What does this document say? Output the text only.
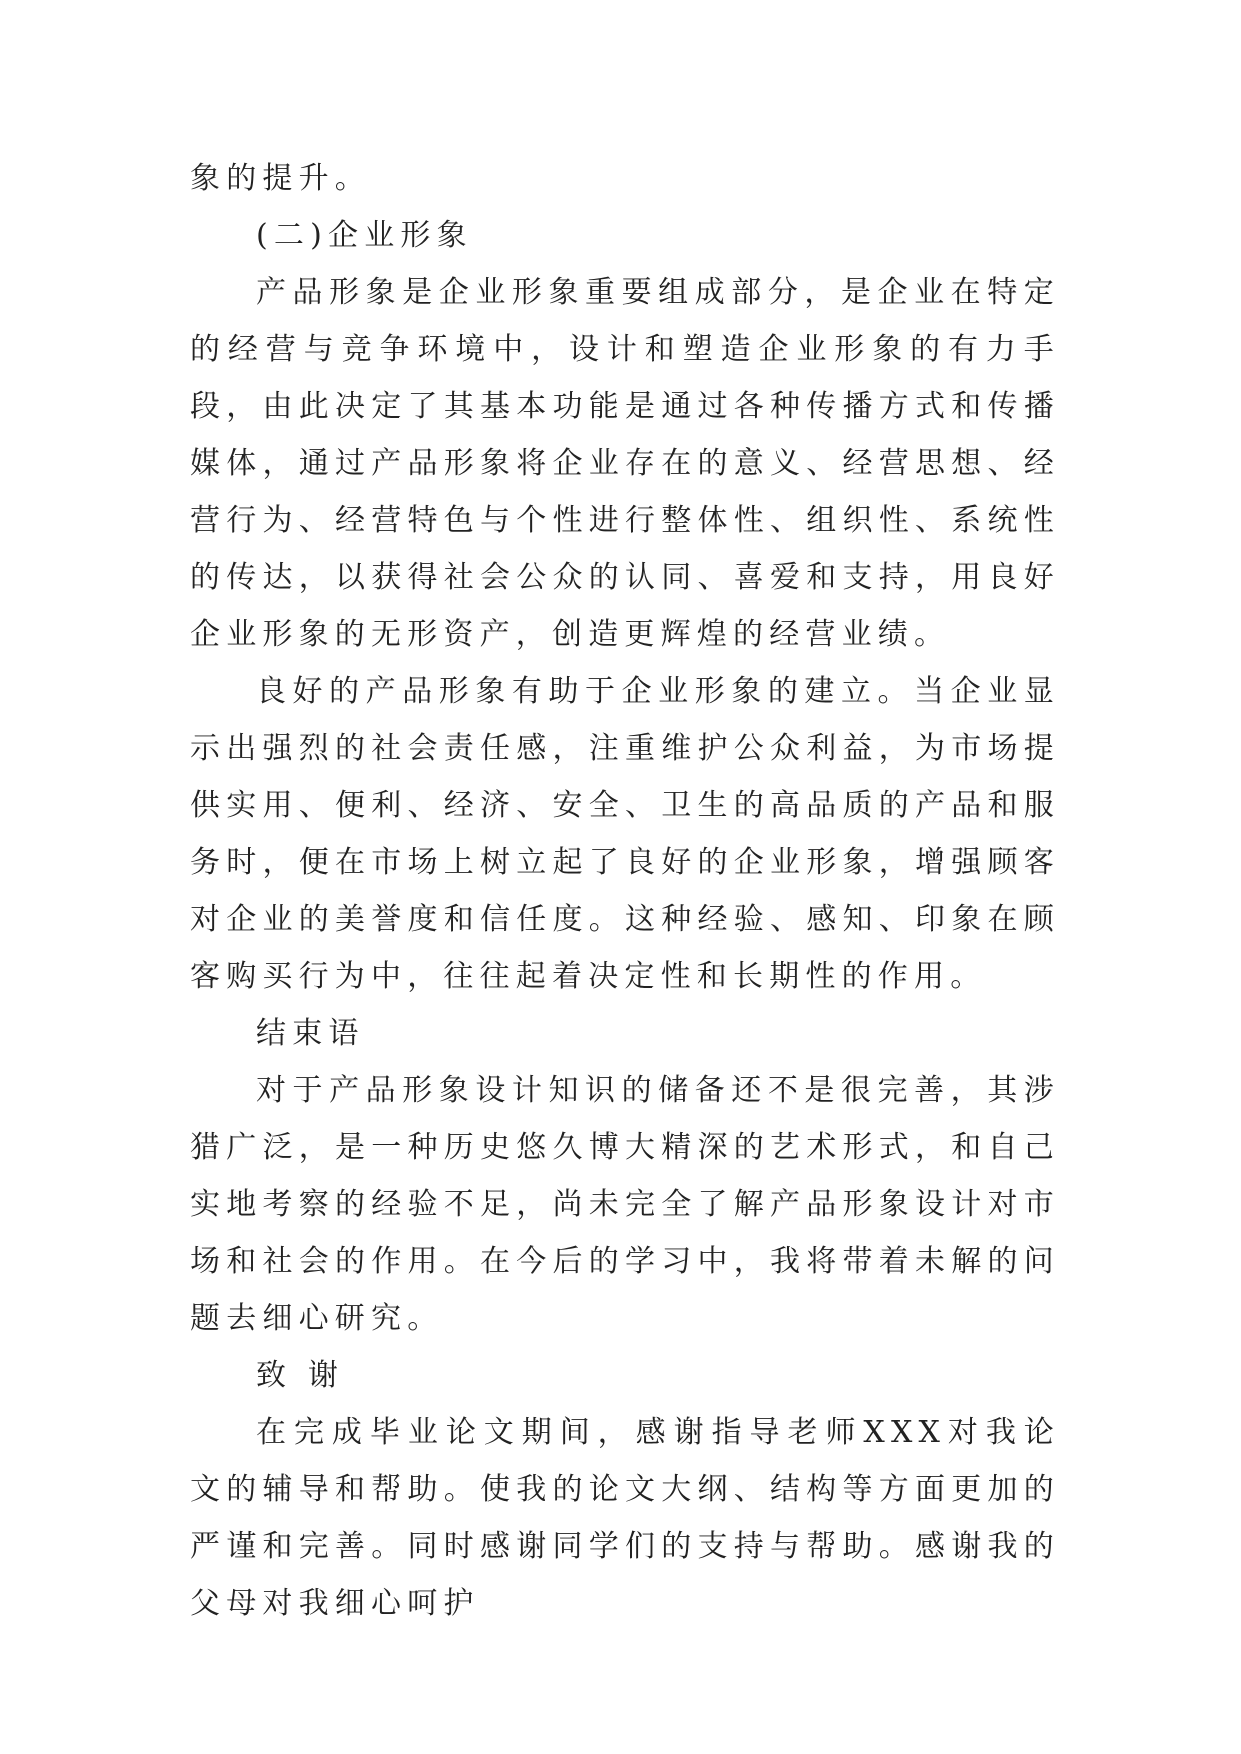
象的提升。

(二)企业形象

产品形象是企业形象重要组成部分，是企业在特定的经营与竞争环境中，设计和塑造企业形象的有力手段，由此决定了其基本功能是通过各种传播方式和传播媒体，通过产品形象将企业存在的意义、经营思想、经营行为、经营特色与个性进行整体性、组织性、系统性的传达，以获得社会公众的认同、喜爱和支持，用良好企业形象的无形资产，创造更辉煌的经营业绩。

良好的产品形象有助于企业形象的建立。当企业显示出强烈的社会责任感，注重维护公众利益，为市场提供实用、便利、经济、安全、卫生的高品质的产品和服务时，便在市场上树立起了良好的企业形象，增强顾客对企业的美誉度和信任度。这种经验、感知、印象在顾客购买行为中，往往起着决定性和长期性的作用。

结束语

对于产品形象设计知识的储备还不是很完善，其涉猎广泛，是一种历史悠久博大精深的艺术形式，和自己实地考察的经验不足，尚未完全了解产品形象设计对市场和社会的作用。在今后的学习中，我将带着未解的问题去细心研究。

致 谢

在完成毕业论文期间，感谢指导老师XXX对我论文的辅导和帮助。使我的论文大纲、结构等方面更加的严谨和完善。同时感谢同学们的支持与帮助。感谢我的父母对我细心呵护
